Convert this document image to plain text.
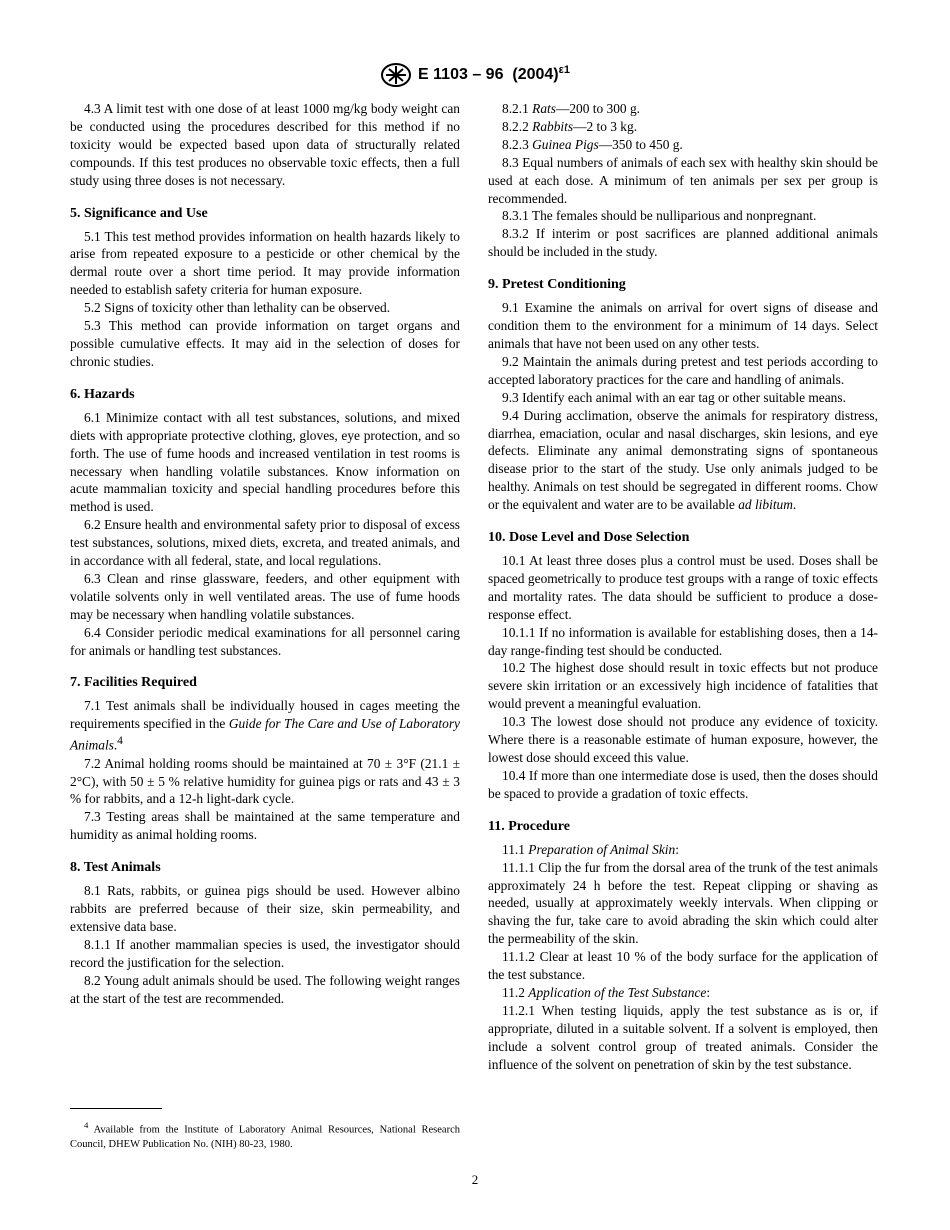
E 1103 – 96 $(2004)^{\varepsilon 1}$

4.3 A limit test with one dose of at least 1000 mg/kg body weight can be conducted using the procedures described for this method if no toxicity would be expected based upon data of structurally related compounds. If this test produces no observable toxic effects, then a full study using three doses is not necessary.

5. Significance and Use

5.1 This test method provides information on health hazards likely to arise from repeated exposure to a pesticide or other chemical by the dermal route over a short time period. It may provide information needed to establish safety criteria for human exposure.

5.2 Signs of toxicity other than lethality can be observed.

5.3 This method can provide information on target organs and possible cumulative effects. It may aid in the selection of doses for chronic studies.

6. Hazards

6.1 Minimize contact with all test substances, solutions, and mixed diets with appropriate protective clothing, gloves, eye protection, and so forth. The use of fume hoods and increased ventilation in test rooms is necessary when handling volatile substances. Know information on acute mammalian toxicity and special handling procedures before this method is used.

6.2 Ensure health and environmental safety prior to disposal of excess test substances, solutions, mixed diets, excreta, and treated animals, and in accordance with all federal, state, and local regulations.

6.3 Clean and rinse glassware, feeders, and other equipment with volatile solvents only in well ventilated areas. The use of fume hoods may be necessary when handling volatile substances.

6.4 Consider periodic medical examinations for all personnel caring for animals or handling test substances.

7. Facilities Required

7.1 Test animals shall be individually housed in cages meeting the requirements specified in the Guide for The Care and Use of Laboratory Animals.$^4$

7.2 Animal holding rooms should be maintained at 70 ± 3°F (21.1 ± 2°C), with 50 ± 5 % relative humidity for guinea pigs or rats and 43 ± 3 % for rabbits, and a 12-h light-dark cycle.

7.3 Testing areas shall be maintained at the same temperature and humidity as animal holding rooms.

8. Test Animals

8.1 Rats, rabbits, or guinea pigs should be used. However albino rabbits are preferred because of their size, skin permeability, and extensive data base.

8.1.1 If another mammalian species is used, the investigator should record the justification for the selection.

8.2 Young adult animals should be used. The following weight ranges at the start of the test are recommended.

8.2.1 Rats—200 to 300 g.

8.2.2 Rabbits—2 to 3 kg.

8.2.3 Guinea Pigs—350 to 450 g.

8.3 Equal numbers of animals of each sex with healthy skin should be used at each dose. A minimum of ten animals per sex per group is recommended.

8.3.1 The females should be nulliparious and nonpregnant.

8.3.2 If interim or post sacrifices are planned additional animals should be included in the study.

9. Pretest Conditioning

9.1 Examine the animals on arrival for overt signs of disease and condition them to the environment for a minimum of 14 days. Select animals that have not been used on any other tests.

9.2 Maintain the animals during pretest and test periods according to accepted laboratory practices for the care and handling of animals.

9.3 Identify each animal with an ear tag or other suitable means.

9.4 During acclimation, observe the animals for respiratory distress, diarrhea, emaciation, ocular and nasal discharges, skin lesions, and eye defects. Eliminate any animal demonstrating signs of spontaneous disease prior to the start of the study. Use only animals judged to be healthy. Animals on test should be segregated in different rooms. Chow or the equivalent and water are to be available ad libitum.

10. Dose Level and Dose Selection

10.1 At least three doses plus a control must be used. Doses shall be spaced geometrically to produce test groups with a range of toxic effects and mortality rates. The data should be sufficient to produce a dose-response effect.

10.1.1 If no information is available for establishing doses, then a 14-day range-finding test should be conducted.

10.2 The highest dose should result in toxic effects but not produce severe skin irritation or an excessively high incidence of fatalities that would prevent a meaningful evaluation.

10.3 The lowest dose should not produce any evidence of toxicity. Where there is a reasonable estimate of human exposure, however, the lowest dose should exceed this value.

10.4 If more than one intermediate dose is used, then the doses should be spaced to provide a gradation of toxic effects.

11. Procedure

11.1 Preparation of Animal Skin:

11.1.1 Clip the fur from the dorsal area of the trunk of the test animals approximately 24 h before the test. Repeat clipping or shaving as needed, usually at approximately weekly intervals. When clipping or shaving the fur, take care to avoid abrading the skin which could alter the permeability of the skin.

11.1.2 Clear at least 10 % of the body surface for the application of the test substance.

11.2 Application of the Test Substance:

11.2.1 When testing liquids, apply the test substance as is or, if appropriate, diluted in a suitable solvent. If a solvent is employed, then include a solvent control group of treated animals. Consider the influence of the solvent on penetration of skin by the test substance.

$^4$ Available from the Institute of Laboratory Animal Resources, National Research Council, DHEW Publication No. (NIH) 80-23, 1980.
2
